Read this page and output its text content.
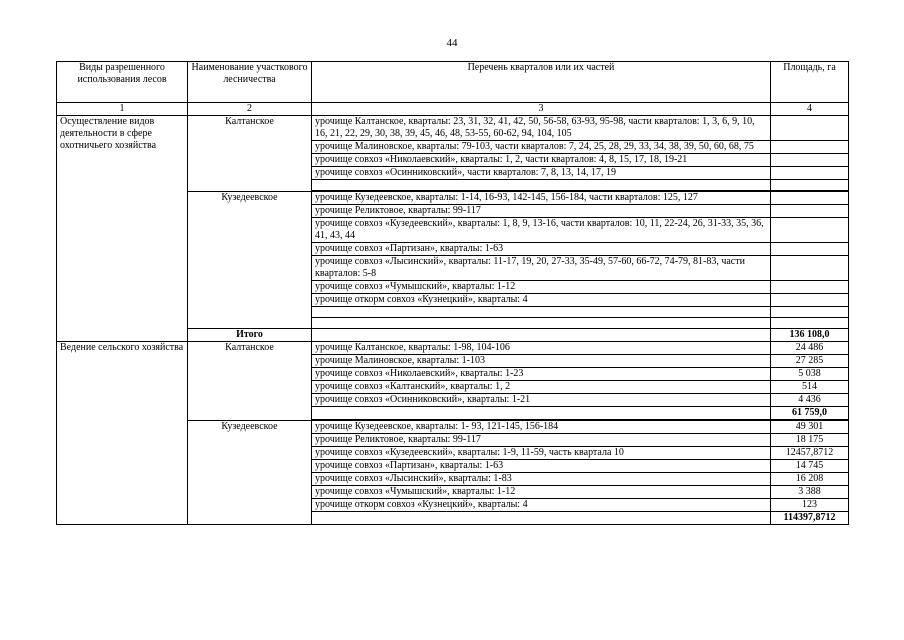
44
Виды разрешенного использования лесов	Наименование участкового лесничества	Перечень кварталов или их частей	Площадь, га
1	2	3	4
Осуществление видов деятельности в сфере охотничьего хозяйства	Калтанское	урочище Калтанское, кварталы: 23, 31, 32, 41, 42, 50, 56-58, 63-93, 95-98, части кварталов: 1, 3, 6, 9, 10, 16, 21, 22, 29, 30, 38, 39, 45, 46, 48, 53-55, 60-62, 94, 104, 105	
		урочище Малиновское, кварталы: 79-103, части кварталов: 7, 24, 25, 28, 29, 33, 34, 38, 39, 50, 60, 68, 75	
		урочище совхоз «Николаевский», кварталы: 1, 2, части кварталов: 4, 8, 15, 17, 18, 19-21	
		урочище совхоз «Осинниковский», части кварталов: 7, 8, 13, 14, 17, 19	

	Кузедеевское	урочище Кузедеевское, кварталы: 1-14, 16-93, 142-145, 156-184, части кварталов: 125, 127	
		урочище Реликтовое, кварталы: 99-117	
		урочище совхоз «Кузедеевский», кварталы: 1, 8, 9, 13-16, части кварталов: 10, 11, 22-24, 26, 31-33, 35, 36, 41, 43, 44	
		урочище совхоз «Партизан», кварталы: 1-63	
		урочище совхоз «Лысинский», кварталы: 11-17, 19, 20, 27-33, 35-49, 57-60, 66-72, 74-79, 81-83, части кварталов: 5-8	
		урочище совхоз «Чумышский», кварталы: 1-12	
		урочище откорм совхоз «Кузнецкий», кварталы: 4	

	Итого		136 108,0
Ведение сельского хозяйства	Калтанское	урочище Калтанское, кварталы: 1-98, 104-106	24 486
		урочище Малиновское, кварталы: 1-103	27 285
		урочище совхоз «Николаевский», кварталы: 1-23	5 038
		урочище совхоз «Калтанский», кварталы: 1, 2	514
		урочище совхоз «Осинниковский», кварталы: 1-21	4 436
			61 759,0
	Кузедеевское	урочище Кузедеевское, кварталы: 1- 93, 121-145, 156-184	49 301
		урочище Реликтовое, кварталы: 99-117	18 175
		урочище совхоз «Кузедеевский», кварталы: 1-9, 11-59, часть квартала 10	12457,8712
		урочище совхоз «Партизан», кварталы: 1-63	14 745
		урочище совхоз «Лысинский», кварталы: 1-83	16 208
		урочище совхоз «Чумышский», кварталы: 1-12	3 388
		урочище откорм совхоз «Кузнецкий», кварталы: 4	123
			114397,8712
